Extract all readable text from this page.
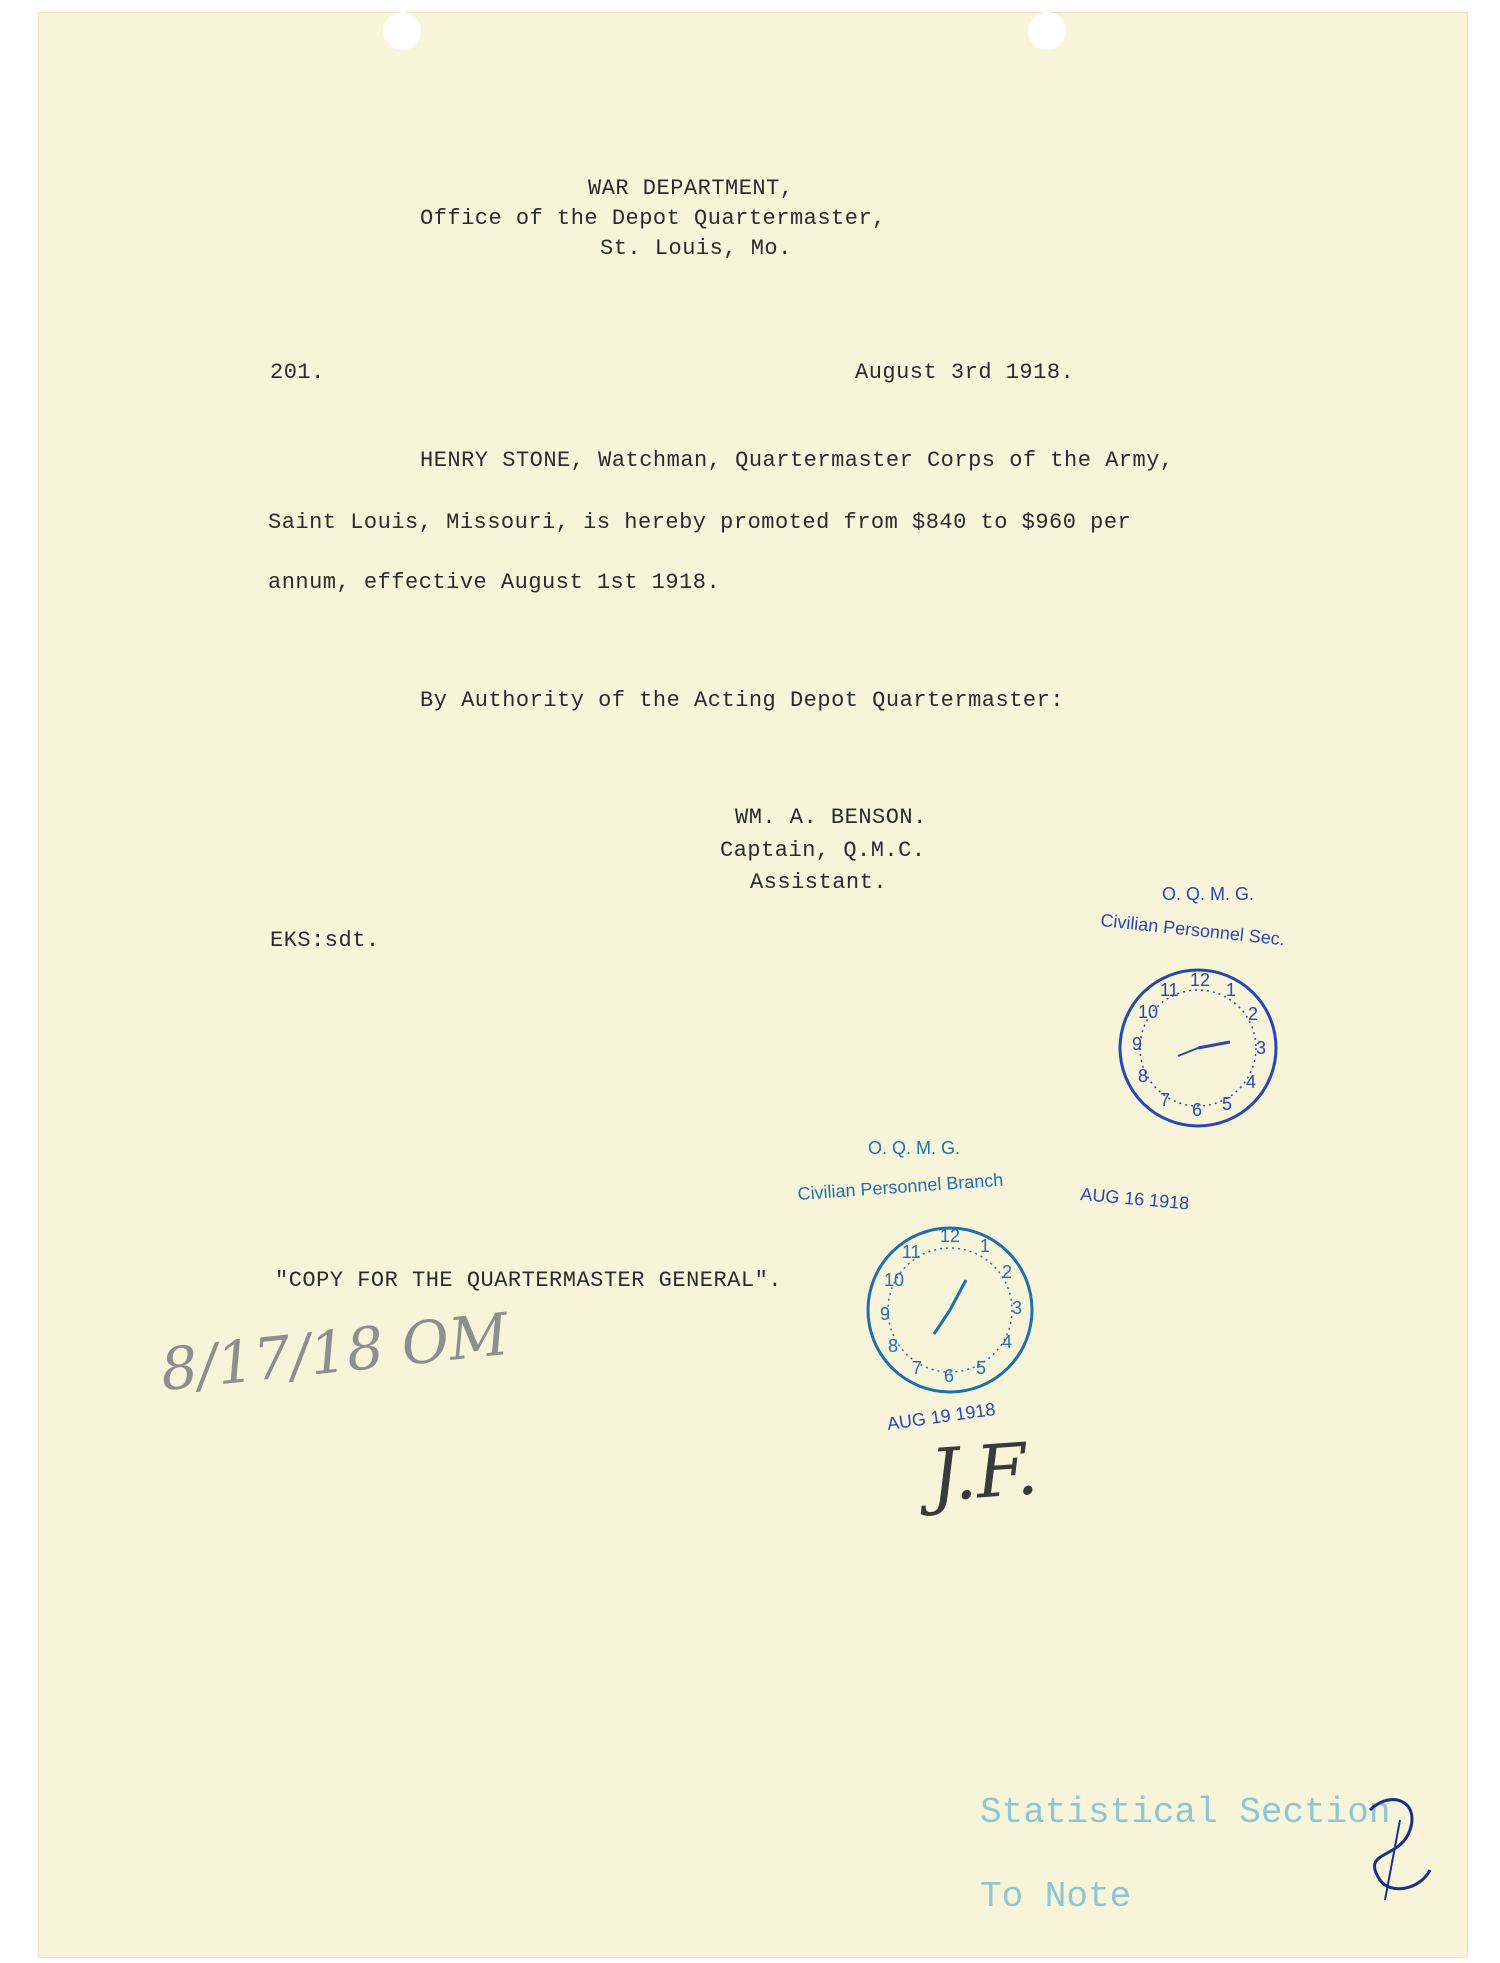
WAR DEPARTMENT,
Office of the Depot Quartermaster,
St. Louis, Mo.
201.	August 3rd 1918.
HENRY STONE, Watchman, Quartermaster Corps of the Army,
Saint Louis, Missouri, is hereby promoted from $840 to $960 per
annum, effective August 1st 1918.
By Authority of the Acting Depot Quartermaster:
WM. A. BENSON.
Captain, Q.M.C.
Assistant.
EKS:sdt.
"COPY FOR THE QUARTERMASTER GENERAL".
8/17/18 OM
J.F.
O. Q. M. G.
Civilian Personnel Sec.
12 1
2
3
4
5
6
7
8
9
10
11
O. Q. M. G.
Civilian Personnel Branch	AUG 16 1918
12 1
2
3
4
5
6
7
8
9
10
11
AUG 19 1918
Statistical Section
To Note
